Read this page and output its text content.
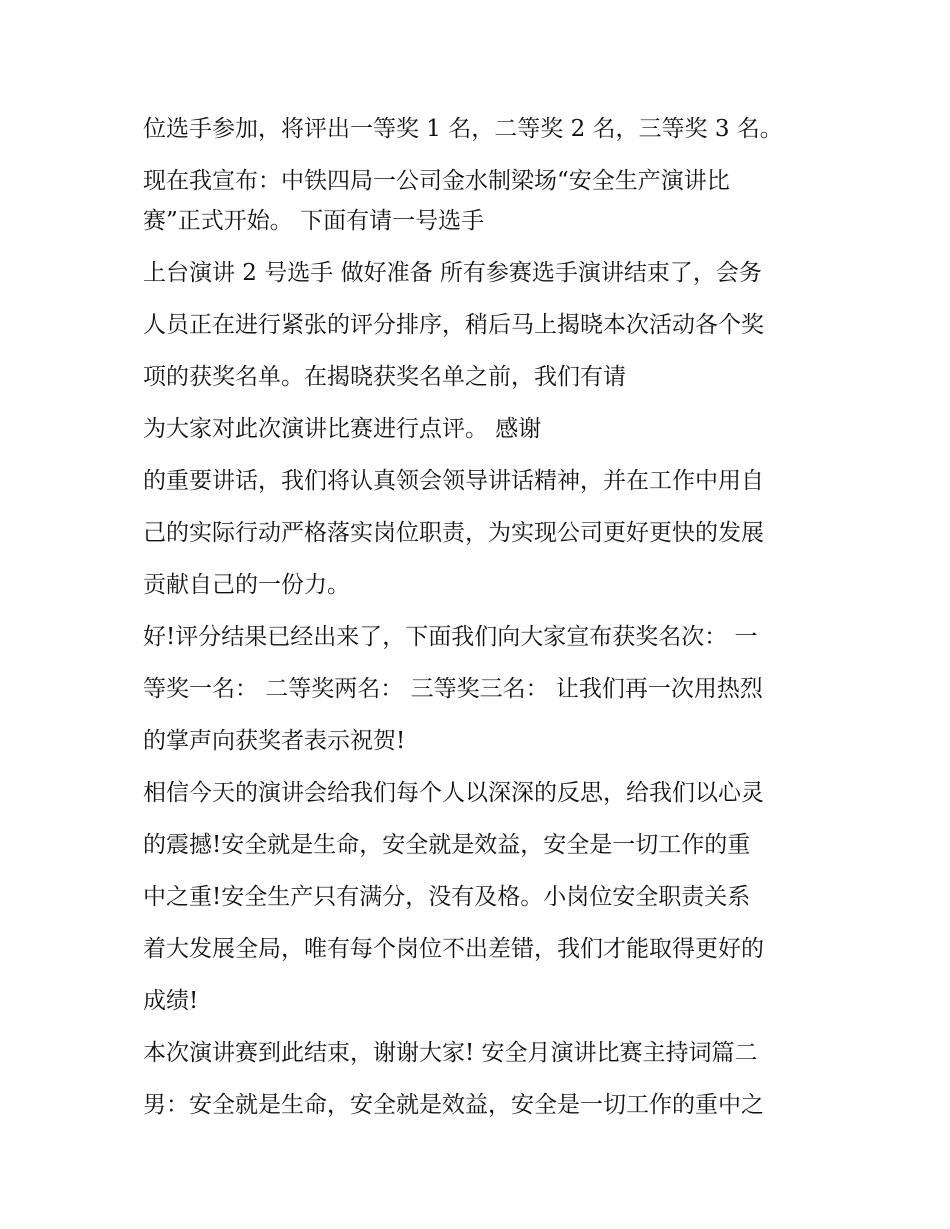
位选手参加，将评出一等奖 1 名，二等奖 2 名，三等奖 3 名。
现在我宣布：中铁四局一公司金水制梁场“安全生产演讲比
赛”正式开始。 下面有请一号选手
上台演讲 2 号选手 做好准备 所有参赛选手演讲结束了，会务
人员正在进行紧张的评分排序，稍后马上揭晓本次活动各个奖
项的获奖名单。在揭晓获奖名单之前，我们有请
为大家对此次演讲比赛进行点评。 感谢
的重要讲话，我们将认真领会领导讲话精神，并在工作中用自
己的实际行动严格落实岗位职责，为实现公司更好更快的发展
贡献自己的一份力。
好!评分结果已经出来了，下面我们向大家宣布获奖名次： 一
等奖一名： 二等奖两名： 三等奖三名： 让我们再一次用热烈
的掌声向获奖者表示祝贺!
相信今天的演讲会给我们每个人以深深的反思，给我们以心灵
的震撼!安全就是生命，安全就是效益，安全是一切工作的重
中之重!安全生产只有满分，没有及格。小岗位安全职责关系
着大发展全局，唯有每个岗位不出差错，我们才能取得更好的
成绩!
本次演讲赛到此结束，谢谢大家! 安全月演讲比赛主持词篇二
男：安全就是生命，安全就是效益，安全是一切工作的重中之
